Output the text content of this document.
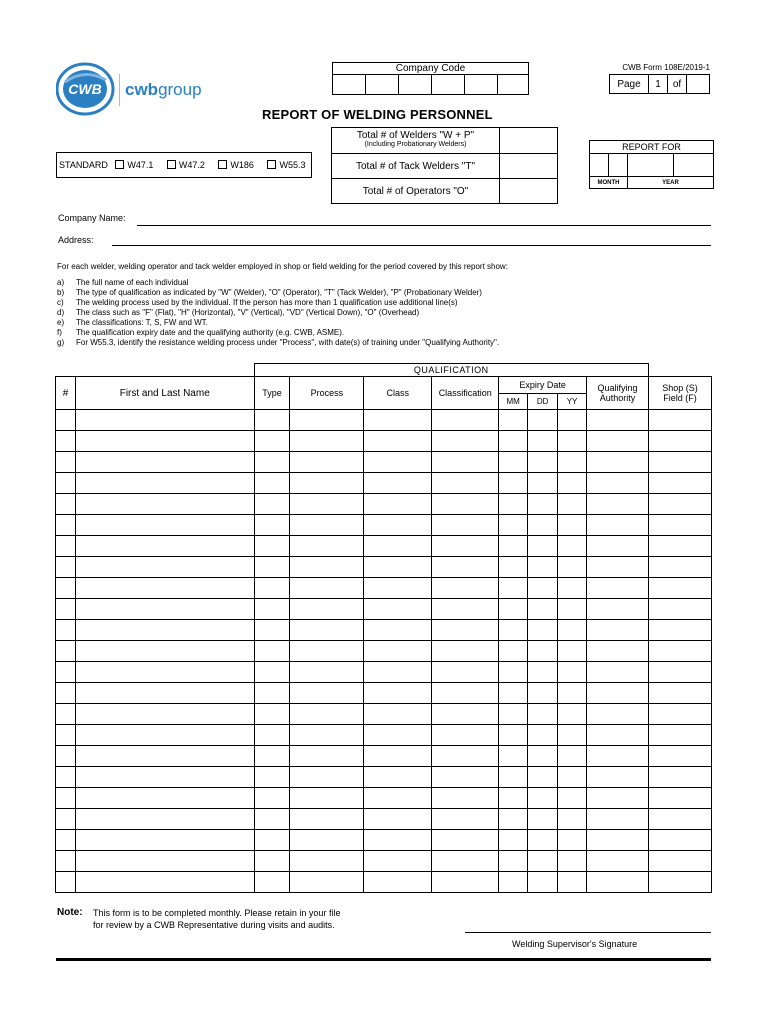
CWB cwbgroup
Company Code	CWB Form 108E/2019-1
Page	1	of	
REPORT OF WELDING PERSONNEL
STANDARD W47.1	W47.2	W186	W55.3
Total # of Welders "W + P"
(Including Probationary Welders)	

Total # of Tack Welders "T"	
Total # of Operators "O"	
REPORT FOR			

MONTH		YEAR	
Company Name:
Address:
For each welder, welding operator and tack welder employed in shop or field welding for the period covered by this report show:
a) The full name of each individual
b) The type of qualification as indicated by "W" (Welder), "O" (Operator), "T" (Tack Welder), "P" (Probationary Welder)
c) The welding process used by the individual. If the person has more than 1 qualification use additional line(s)
d) The class such as "F" (Flat), "H" (Horizontal), "V" (Vertical), "VD" (Vertical Down), "O" (Overhead)
e) The classifications: T, S, FW and WT.
f) The qualification expiry date and the qualifying authority (e.g. CWB, ASME).
g) For W55.3, identify the resistance welding process under "Process", with date(s) of training under "Qualifying Authority".
		QUALIFICATION								
#	First and Last Name	Type	Process	Class	Classification	Expiry Date			Qualifying Authority	Shop (S) Field (F)
						MM	DD	YY		

Note: This form is to be completed monthly. Please retain in your file
for review by a CWB Representative during visits and audits.
Welding Supervisor's Signature
